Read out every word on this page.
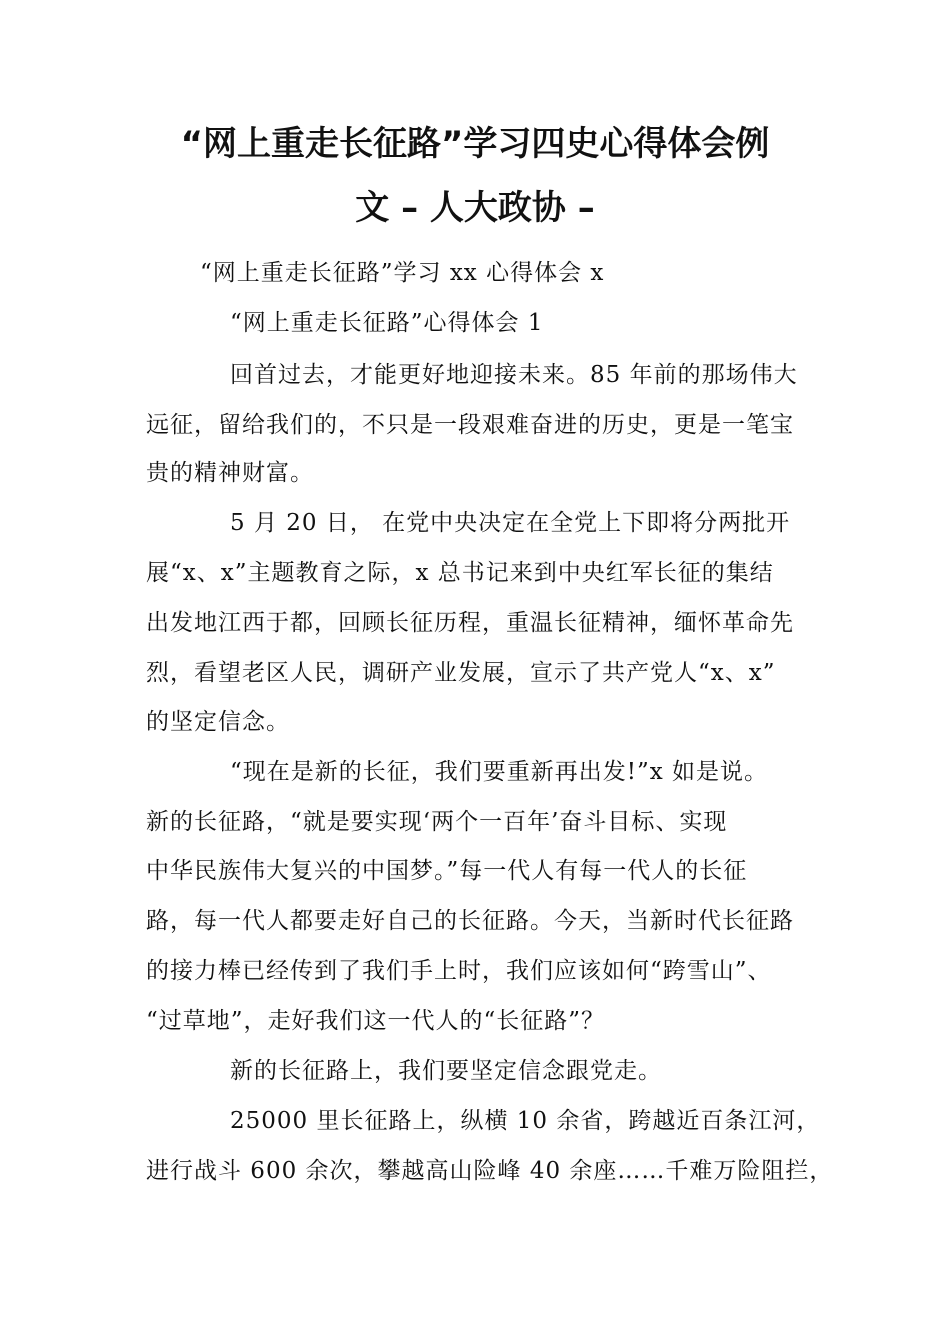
“网上重走长征路”学习四史心得体会例
文 – 人大政协 –
“网上重走长征路”学习 xx 心得体会 x
“网上重走长征路”心得体会 1
回首过去，才能更好地迎接未来。85 年前的那场伟大
远征，留给我们的，不只是一段艰难奋进的历史，更是一笔宝
贵的精神财富。
5 月 20 日， 在党中央决定在全党上下即将分两批开
展“x、x”主题教育之际，x 总书记来到中央红军长征的集结
出发地江西于都，回顾长征历程，重温长征精神，缅怀革命先
烈，看望老区人民，调研产业发展，宣示了共产党人“x、x”
的坚定信念。
“现在是新的长征，我们要重新再出发!”x 如是说。
新的长征路，“就是要实现‘两个一百年’奋斗目标、实现
中华民族伟大复兴的中国梦。”每一代人有每一代人的长征
路，每一代人都要走好自己的长征路。今天，当新时代长征路
的接力棒已经传到了我们手上时，我们应该如何“跨雪山”、
“过草地”，走好我们这一代人的“长征路”？
新的长征路上，我们要坚定信念跟党走。
25000 里长征路上，纵横 10 余省，跨越近百条江河，
进行战斗 600 余次，攀越高山险峰 40 余座……千难万险阻拦，
